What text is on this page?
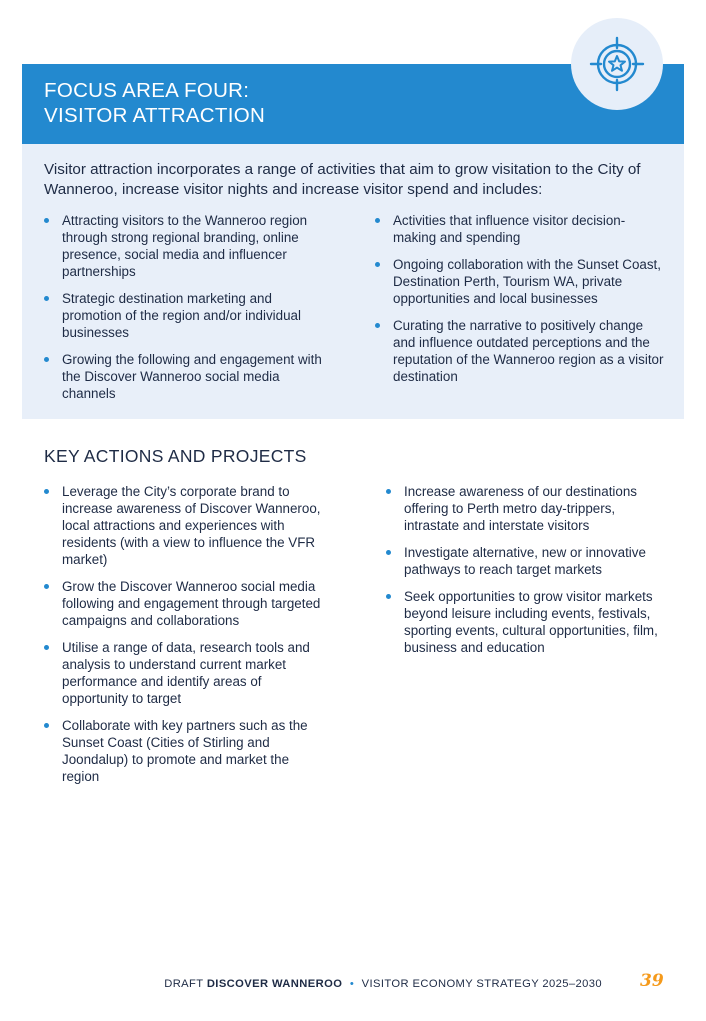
FOCUS AREA FOUR:
VISITOR ATTRACTION

Visitor attraction incorporates a range of activities that aim to grow visitation to the City of Wanneroo, increase visitor nights and increase visitor spend and includes:

Attracting visitors to the Wanneroo region through strong regional branding, online presence, social media and influencer partnerships
Strategic destination marketing and promotion of the region and/or individual businesses
Growing the following and engagement with the Discover Wanneroo social media channels
Activities that influence visitor decision-making and spending
Ongoing collaboration with the Sunset Coast, Destination Perth, Tourism WA, private opportunities and local businesses
Curating the narrative to positively change and influence outdated perceptions and the reputation of the Wanneroo region as a visitor destination
KEY ACTIONS AND PROJECTS
Leverage the City’s corporate brand to increase awareness of Discover Wanneroo, local attractions and experiences with residents (with a view to influence the VFR market)
Grow the Discover Wanneroo social media following and engagement through targeted campaigns and collaborations
Utilise a range of data, research tools and analysis to understand current market performance and identify areas of opportunity to target
Collaborate with key partners such as the Sunset Coast (Cities of Stirling and Joondalup) to promote and market the region
Increase awareness of our destinations offering to Perth metro day-trippers, intrastate and interstate visitors
Investigate alternative, new or innovative pathways to reach target markets
Seek opportunities to grow visitor markets beyond leisure including events, festivals, sporting events, cultural opportunities, film, business and education
DRAFT DISCOVER WANNEROO • VISITOR ECONOMY STRATEGY 2025–2030 39
